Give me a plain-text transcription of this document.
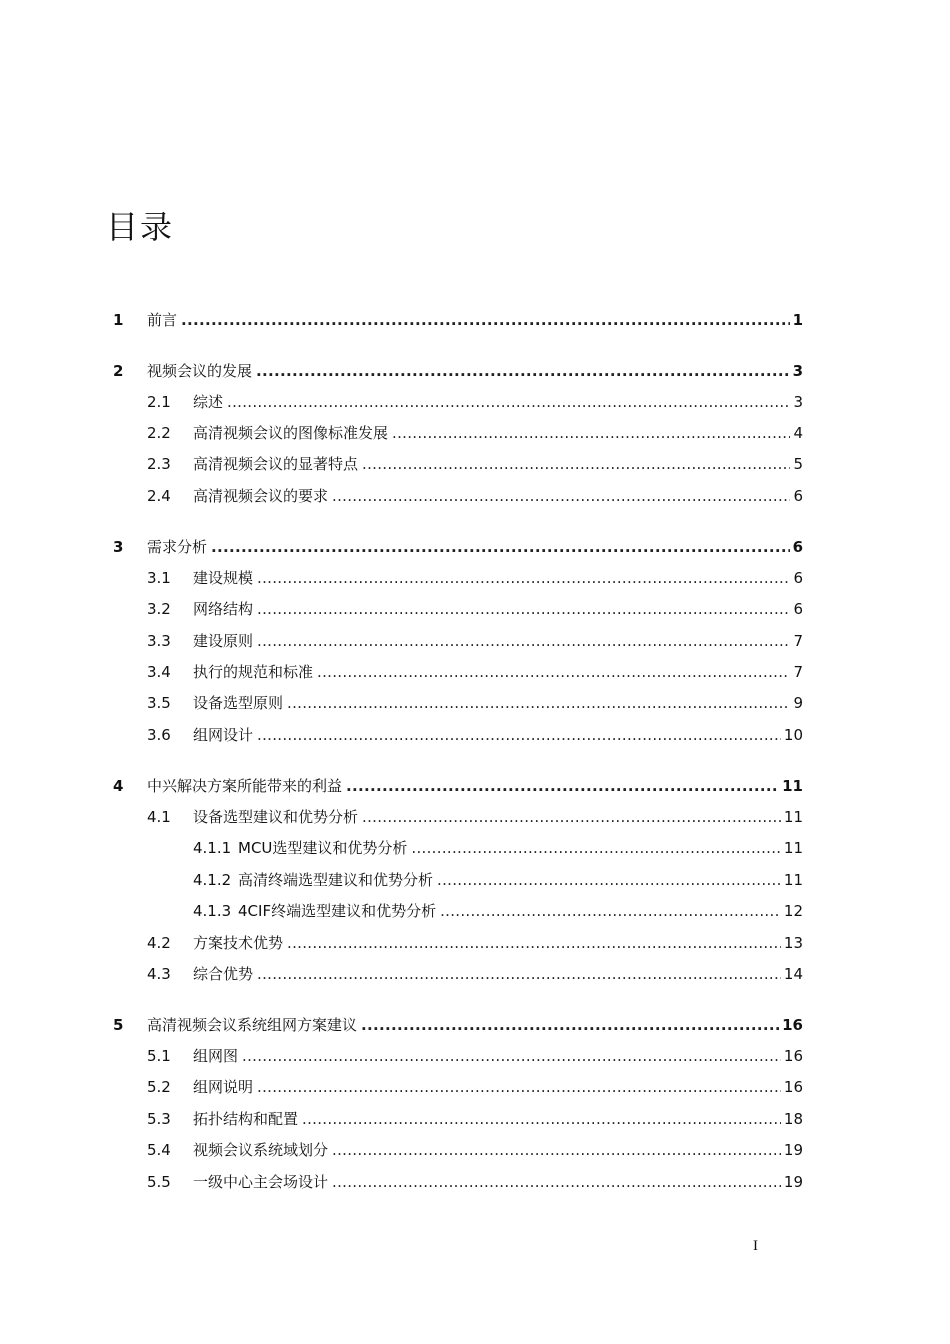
目录
1 前言	1
.....
2 视频会议的发展	3
.....
2.1 综述	3
.....
2.2 高清视频会议的图像标准发展	4
.....
2.3 高清视频会议的显著特点	5
.....
2.4 高清视频会议的要求	6
.....
3 需求分析	6
.....
3.1 建设规模	6
.....
3.2 网络结构	6
.....
3.3 建设原则	7
.....
3.4 执行的规范和标准	7
.....
3.5 设备选型原则	9
.....
3.6 组网设计	10
.....
4 中兴解决方案所能带来的利益	11
.....
4.1 设备选型建议和优势分析	11
.....
4.1.1 MCU选型建议和优势分析	11
.....
4.1.2 高清终端选型建议和优势分析	11
.....
4.1.3 4CIF终端选型建议和优势分析	12
.....
4.2 方案技术优势	13
.....
4.3 综合优势	14
.....
5 高清视频会议系统组网方案建议	16
.....
5.1 组网图	16
.....
5.2 组网说明	16
.....
5.3 拓扑结构和配置	18
.....
5.4 视频会议系统域划分	19
.....
5.5 一级中心主会场设计	19
.....
I
